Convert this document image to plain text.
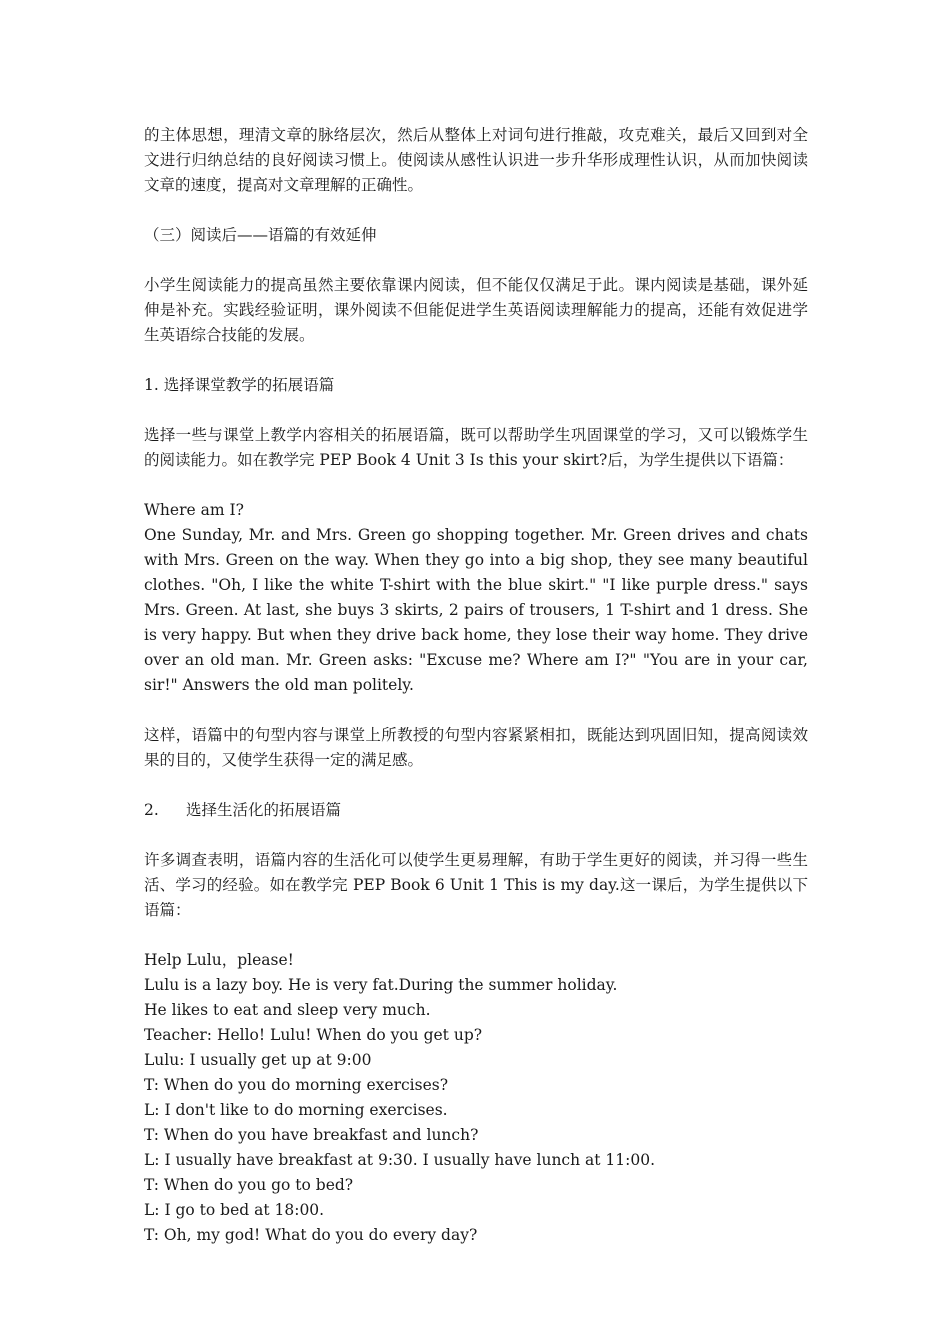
的主体思想，理清文章的脉络层次，然后从整体上对词句进行推敲，攻克难关，最后又回到对全文进行归纳总结的良好阅读习惯上。使阅读从感性认识进一步升华形成理性认识，从而加快阅读文章的速度，提高对文章理解的正确性。

（三）阅读后——语篇的有效延伸

小学生阅读能力的提高虽然主要依靠课内阅读，但不能仅仅满足于此。课内阅读是基础，课外延伸是补充。实践经验证明，课外阅读不但能促进学生英语阅读理解能力的提高，还能有效促进学生英语综合技能的发展。

1. 选择课堂教学的拓展语篇

选择一些与课堂上教学内容相关的拓展语篇，既可以帮助学生巩固课堂的学习，又可以锻炼学生的阅读能力。如在教学完 PEP Book 4 Unit 3 Is this your skirt?后，为学生提供以下语篇：

Where am I?

One Sunday, Mr. and Mrs. Green go shopping together. Mr. Green drives and chats with Mrs. Green on the way. When they go into a big shop, they see many beautiful clothes. "Oh, I like the white T-shirt with the blue skirt." "I like purple dress." says Mrs. Green. At last, she buys 3 skirts, 2 pairs of trousers, 1 T-shirt and 1 dress. She is very happy. But when they drive back home, they lose their way home. They drive over an old man. Mr. Green asks: "Excuse me? Where am I?" "You are in your car, sir!" Answers the old man politely.

这样，语篇中的句型内容与课堂上所教授的句型内容紧紧相扣，既能达到巩固旧知，提高阅读效果的目的，又使学生获得一定的满足感。

2. 选择生活化的拓展语篇

许多调查表明，语篇内容的生活化可以使学生更易理解，有助于学生更好的阅读，并习得一些生活、学习的经验。如在教学完 PEP Book 6 Unit 1 This is my day.这一课后，为学生提供以下语篇：

Help Lulu，please!

Lulu is a lazy boy. He is very fat.During the summer holiday.

He likes to eat and sleep very much.

Teacher: Hello! Lulu! When do you get up?

Lulu: I usually get up at 9:00

T: When do you do morning exercises?

L: I don't like to do morning exercises.

T: When do you have breakfast and lunch?

L: I usually have breakfast at 9:30. I usually have lunch at 11:00.

T: When do you go to bed?

L: I go to bed at 18:00.

T: Oh, my god! What do you do every day?
